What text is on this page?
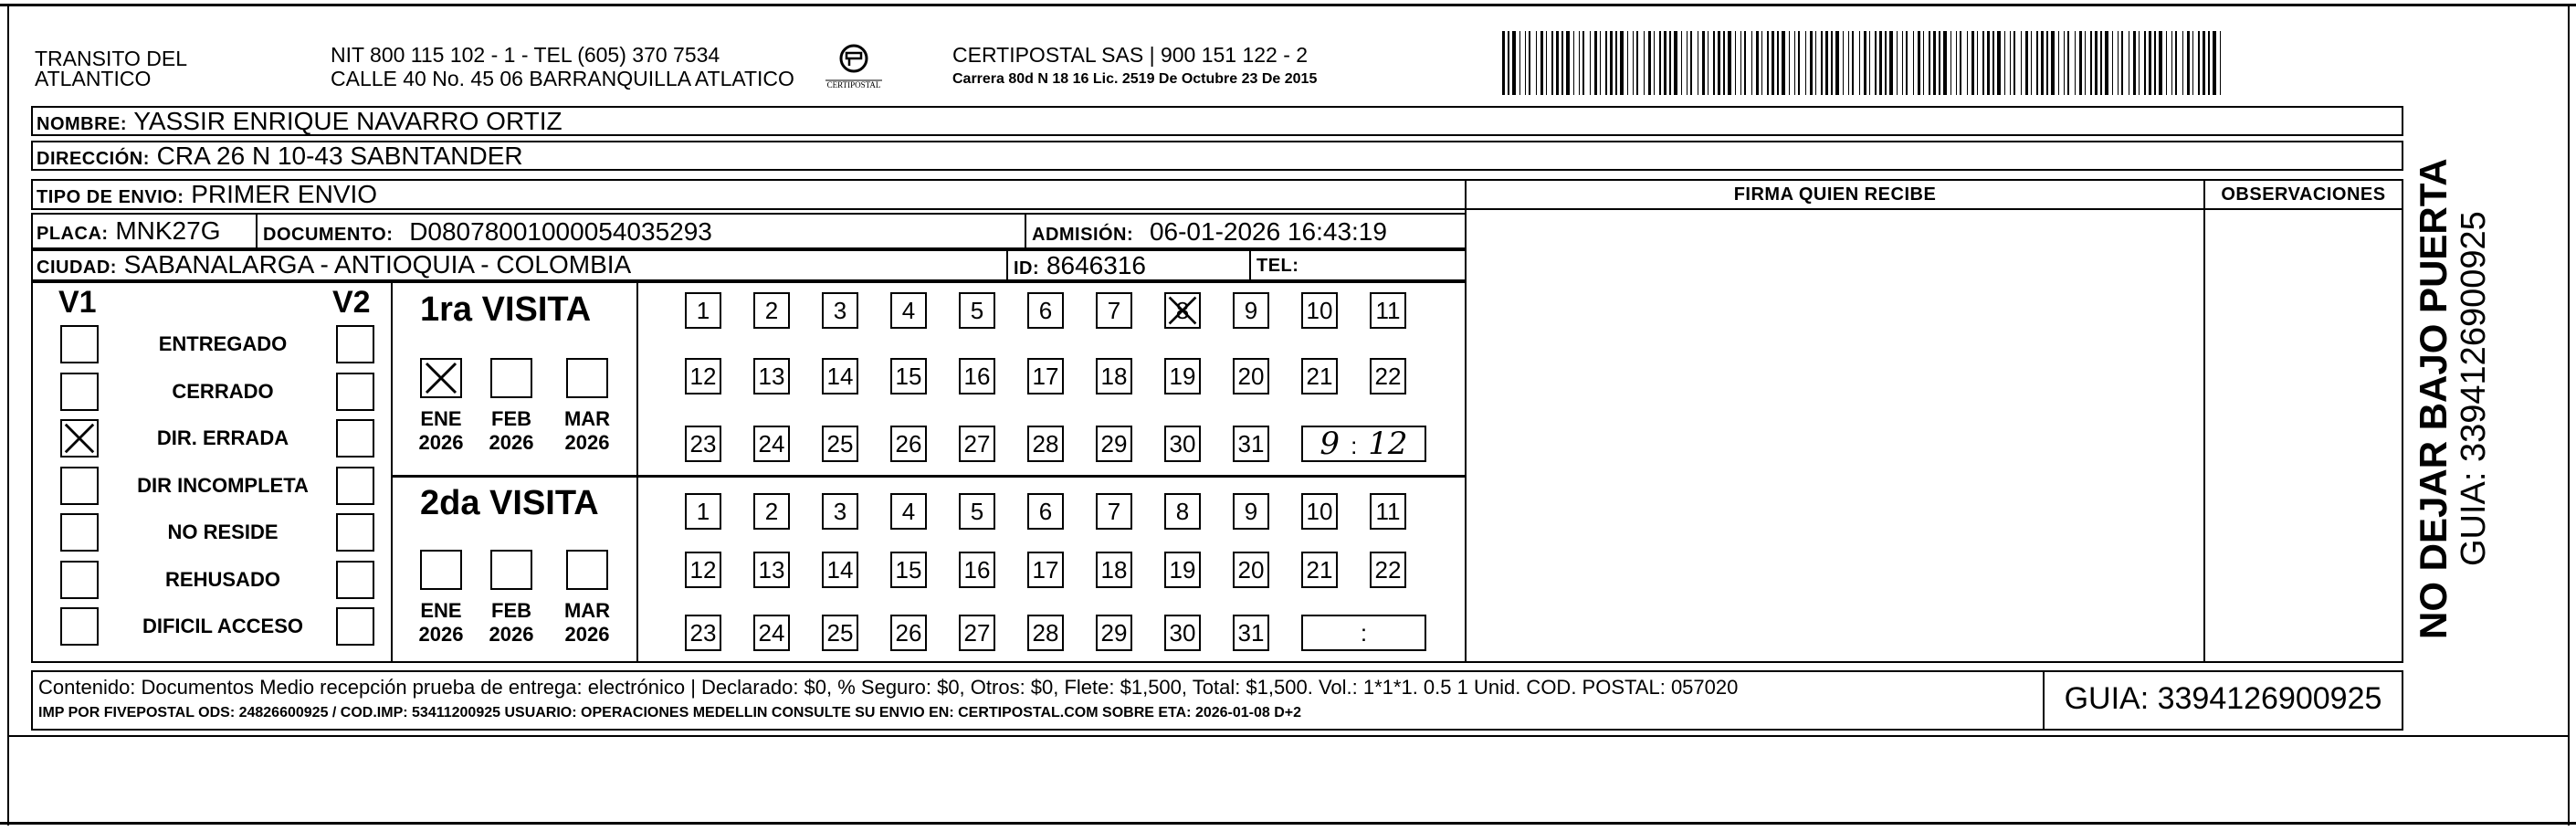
TRANSITO DEL
ATLANTICO
NIT 800 115 102 - 1 - TEL (605) 370 7534
CALLE 40 No. 45 06 BARRANQUILLA ATLATICO	CERTIPOSTAL
CERTIPOSTAL SAS | 900 151 122 - 2
Carrera 80d N 18 16 Lic. 2519 De Octubre 23 De 2015
NOMBRE: YASSIR ENRIQUE NAVARRO ORTIZ
DIRECCIÓN: CRA 26 N 10-43 SABNTANDER
TIPO DE ENVIO: PRIMER ENVIO
PLACA: MNK27G	DOCUMENTO: D08078001000054035293	ADMISIÓN: 06-01-2026 16:43:19
CIUDAD: SABANALARGA - ANTIOQUIA - COLOMBIA	ID: 8646316	TEL:
FIRMA QUIEN RECIBE	OBSERVACIONES
V1	V2
ENTREGADO
CERRADO
DIR. ERRADA
DIR INCOMPLETA
NO RESIDE
REHUSADO
DIFICIL ACCESO
1ra VISITA
2da VISITA
ENE
2026
FEB
2026
MAR
2026
ENE
2026
FEB
2026
MAR
2026
1	2	3	4	5	6	7	8	9	10 11
12 13 14 15 16 17 18 19 20 21 22
23 24 25 26 27 28 29 30 31	9 : 12
1	2	3	4	5	6	7	8	9	10 11
12 13 14 15 16 17 18 19 20 21 22
23 24 25 26 27 28 29 30 31	:
Contenido: Documentos Medio recepción prueba de entrega: electrónico | Declarado: $0, % Seguro: $0, Otros: $0, Flete: $1,500, Total: $1,500. Vol.: 1*1*1. 0.5 1 Unid. COD. POSTAL: 057020
IMP POR FIVEPOSTAL ODS: 24826600925 / COD.IMP: 53411200925 USUARIO: OPERACIONES MEDELLIN CONSULTE SU ENVIO EN: CERTIPOSTAL.COM SOBRE ETA: 2026-01-08 D+2	GUIA: 3394126900925
NO DEJAR BAJO PUERTA GUIA: 3394126900925
